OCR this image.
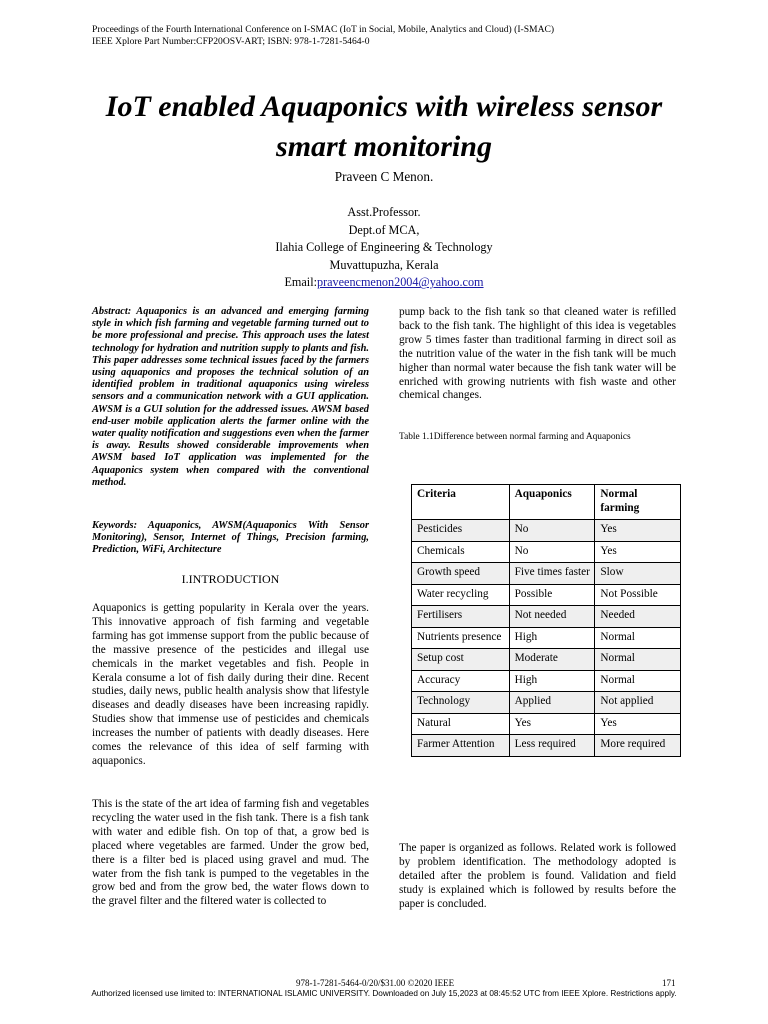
Proceedings of the Fourth International Conference on I-SMAC (IoT in Social, Mobile, Analytics and Cloud) (I-SMAC)
IEEE Xplore Part Number:CFP20OSV-ART; ISBN: 978-1-7281-5464-0
IoT enabled Aquaponics with wireless sensor
smart monitoring
Praveen C Menon.
Asst.Professor.
Dept.of MCA,
Ilahia College of Engineering & Technology
Muvattupuzha, Kerala
Email:praveencmenon2004@yahoo.com
Abstract: Aquaponics is an advanced and emerging farming style in which fish farming and vegetable farming turned out to be more professional and precise. This approach uses the latest technology for hydration and nutrition supply to plants and fish. This paper addresses some technical issues faced by the farmers using aquaponics and proposes the technical solution of an identified problem in traditional aquaponics using wireless sensors and a communication network with a GUI application. AWSM is a GUI solution for the addressed issues. AWSM based end-user mobile application alerts the farmer online with the water quality notification and suggestions even when the farmer is away. Results showed considerable improvements when AWSM based IoT application was implemented for the Aquaponics system when compared with the conventional method.
Keywords: Aquaponics, AWSM(Aquaponics With Sensor Monitoring), Sensor, Internet of Things, Precision farming, Prediction, WiFi, Architecture
I.INTRODUCTION
Aquaponics is getting popularity in Kerala over the years. This innovative approach of fish farming and vegetable farming has got immense support from the public because of the massive presence of the pesticides and illegal use chemicals in the market vegetables and fish. People in Kerala consume a lot of fish daily during their dine. Recent studies, daily news, public health analysis show that lifestyle diseases and deadly diseases have been increasing rapidly. Studies show that immense use of pesticides and chemicals increases the number of patients with deadly diseases. Here comes the relevance of this idea of self farming with aquaponics.
This is the state of the art idea of farming fish and vegetables recycling the water used in the fish tank. There is a fish tank with water and edible fish. On top of that, a grow bed is placed where vegetables are farmed. Under the grow bed, there is a filter bed is placed using gravel and mud. The water from the fish tank is pumped to the vegetables in the grow bed and from the grow bed, the water flows down to the gravel filter and the filtered water is collected to
pump back to the fish tank so that cleaned water is refilled back to the fish tank. The highlight of this idea is vegetables grow 5 times faster than traditional farming in direct soil as the nutrition value of the water in the fish tank will be much higher than normal water because the fish tank water will be enriched with growing nutrients with fish waste and other chemical changes.
Table 1.1Difference between normal farming and Aquaponics
Criteria	Aquaponics	Normal farming
Pesticides	No	Yes
Chemicals	No	Yes
Growth speed	Five times faster	Slow
Water recycling	Possible	Not Possible
Fertilisers	Not needed	Needed
Nutrients presence	High	Normal
Setup cost	Moderate	Normal
Accuracy	High	Normal
Technology	Applied	Not applied
Natural	Yes	Yes
Farmer Attention	Less required	More required
The paper is organized as follows. Related work is followed by problem identification. The methodology adopted is detailed after the problem is found. Validation and field study is explained which is followed by results before the paper is concluded.
978-1-7281-5464-0/20/$31.00 ©2020 IEEE	171
Authorized licensed use limited to: INTERNATIONAL ISLAMIC UNIVERSITY. Downloaded on July 15,2023 at 08:45:52 UTC from IEEE Xplore. Restrictions apply.
